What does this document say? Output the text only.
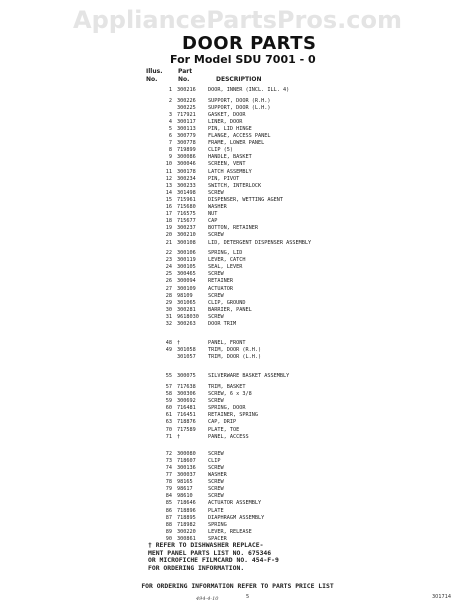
AppliancePartsPros.com
DOOR PARTS
For Model SDU 7001 - 0
Illus.	Part
No.	No.	DESCRIPTION
1 300216 DOOR, INNER (INCL. ILL. 4)
2 300226 SUPPORT, DOOR (R.H.)
300225 SUPPORT, DOOR (L.H.)
3 717921 GASKET, DOOR
4 300117 LINER, DOOR
5 300113 PIN, LID HINGE
6 300779 FLANGE, ACCESS PANEL
7 300778 FRAME, LOWER PANEL
8 719899 CLIP (5)
9 300086 HANDLE, BASKET
10 300046 SCREEN, VENT
11 300178 LATCH ASSEMBLY
12 300234 PIN, PIVOT
13 300233 SWITCH, INTERLOCK
14 301498 SCREW
15 715961 DISPENSER, WETTING AGENT
16 715680 WASHER
17 716575 NUT
18 715677 CAP
19 300237 BOTTON, RETAINER
20 300210 SCREW
21 300108 LID, DETERGENT DISPENSER ASSEMBLY
22 300106 SPRING, LID
23 300119 LEVER, CATCH
24 300105 SEAL, LEVER
25 300465 SCREW
26 300094 RETAINER
27 300109 ACTUATOR
28 98109	SCREW
29 301065 CLIP, GROUND
30 300281 BARRIER, PANEL
31 9618030 SCREW
32 300263 DOOR TRIM
48 †	PANEL, FRONT
49 301058 TRIM, DOOR (R.H.)
301057 TRIM, DOOR (L.H.)
55 300075 SILVERWARE BASKET ASSEMBLY
57 717638 TRIM, BASKET
58 300306 SCREW, 6 x 3/8
59 300692 SCREW
60 716481 SPRING, DOOR
61 716451 RETAINER, SPRING
63 718876 CAP, DRIP
70 717589 PLATE, TOE
71 †	PANEL, ACCESS
72 300080 SCREW
73 718607 CLIP
74 300136 SCREW
77 300037 WASHER
78 98165	SCREW
79 98617	SCREW
84 98610	SCREW
85 718646 ACTUATOR ASSEMBLY
86 718896 PLATE
87 718895 DIAPHRAGM ASSEMBLY
88 718982 SPRING
89 300220 LEVER, RELEASE
90 300861 SPACER
† REFER TO DISHWASHER REPLACE-
MENT PANEL PARTS LIST NO. 675346
OR MICROFICHE FILMCARD NO. 454-F-9
FOR ORDERING INFORMATION.
FOR ORDERING INFORMATION REFER TO PARTS PRICE LIST
494-4-10	5	301714
